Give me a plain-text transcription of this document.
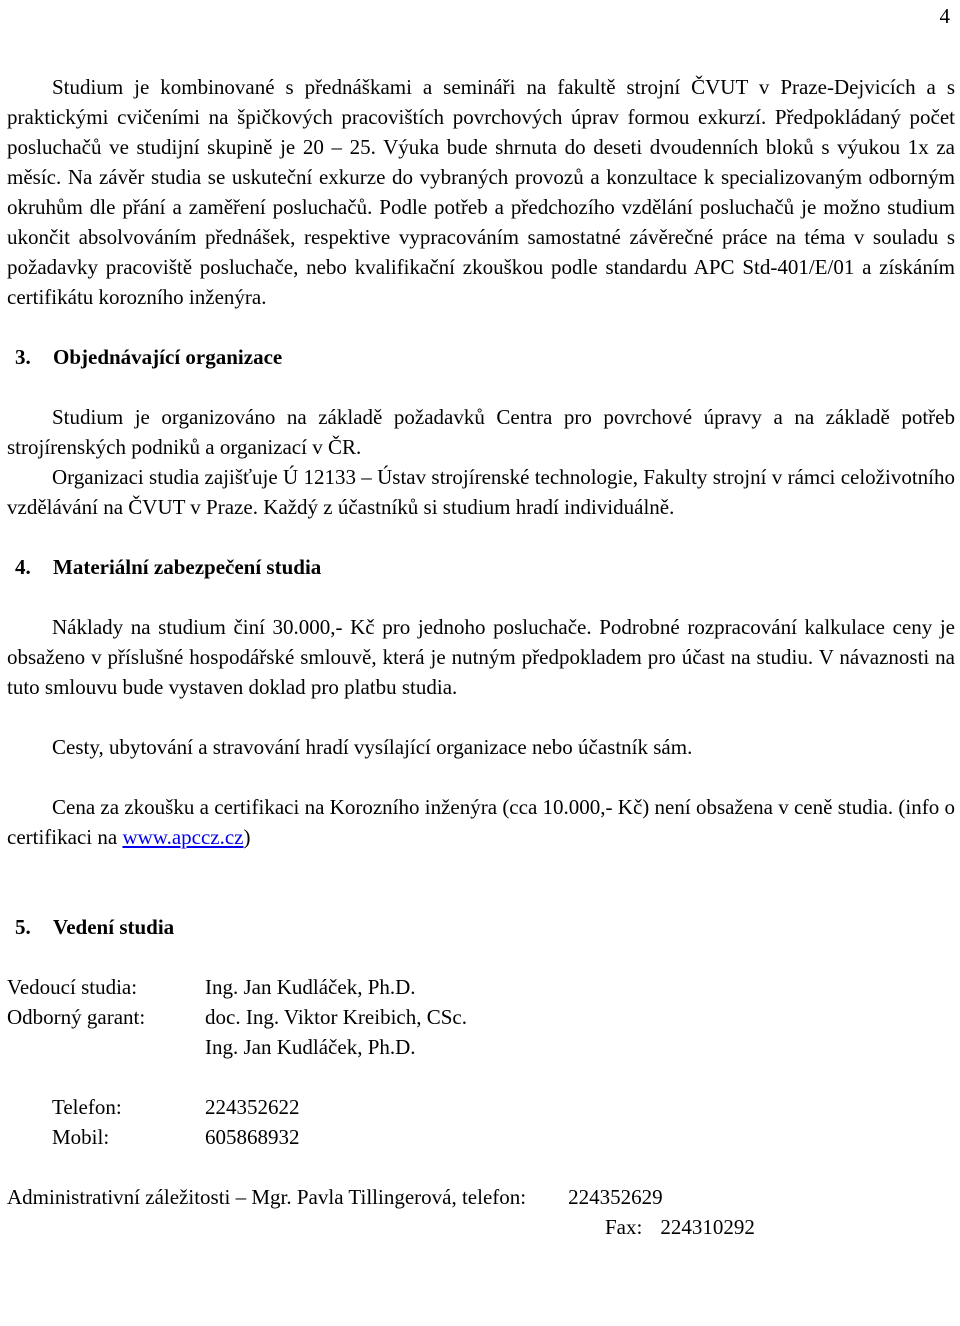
4

Studium je kombinované s přednáškami a semináři na fakultě strojní ČVUT v Praze-Dejvicích a s praktickými cvičeními na špičkových pracovištích povrchových úprav formou exkurzí. Předpokládaný počet posluchačů ve studijní skupině je 20 – 25. Výuka bude shrnuta do deseti dvoudenních bloků s výukou 1x za měsíc. Na závěr studia se uskuteční exkurze do vybraných provozů a konzultace k specializovaným odborným okruhům dle přání a zaměření posluchačů. Podle potřeb a předchozího vzdělání posluchačů je možno studium ukončit absolvováním přednášek, respektive vypracováním samostatné závěrečné práce na téma v souladu s požadavky pracoviště posluchače, nebo kvalifikační zkouškou podle standardu APC Std-401/E/01 a získáním certifikátu korozního inženýra.

3. Objednávající organizace

Studium je organizováno na základě požadavků Centra pro povrchové úpravy a na základě potřeb strojírenských podniků a organizací v ČR.

Organizaci studia zajišťuje Ú 12133 – Ústav strojírenské technologie, Fakulty strojní v rámci celoživotního vzdělávání na ČVUT v Praze. Každý z účastníků si studium hradí individuálně.

4. Materiální zabezpečení studia

Náklady na studium činí 30.000,- Kč pro jednoho posluchače. Podrobné rozpracování kalkulace ceny je obsaženo v příslušné hospodářské smlouvě, která je nutným předpokladem pro účast na studiu. V návaznosti na tuto smlouvu bude vystaven doklad pro platbu studia.

Cesty, ubytování a stravování hradí vysílající organizace nebo účastník sám.

Cena za zkoušku a certifikaci na Korozního inženýra (cca 10.000,- Kč) není obsažena v ceně studia. (info o certifikaci na www.apccz.cz)

5. Vedení studia

Vedoucí studia:	Ing. Jan Kudláček, Ph.D.
Odborný garant:	doc. Ing. Viktor Kreibich, CSc.
Ing. Jan Kudláček, Ph.D.
Telefon:	224352622
Mobil:	605868932
Administrativní záležitosti – Mgr. Pavla Tillingerová, telefon: 224352629
Fax: 224310292
